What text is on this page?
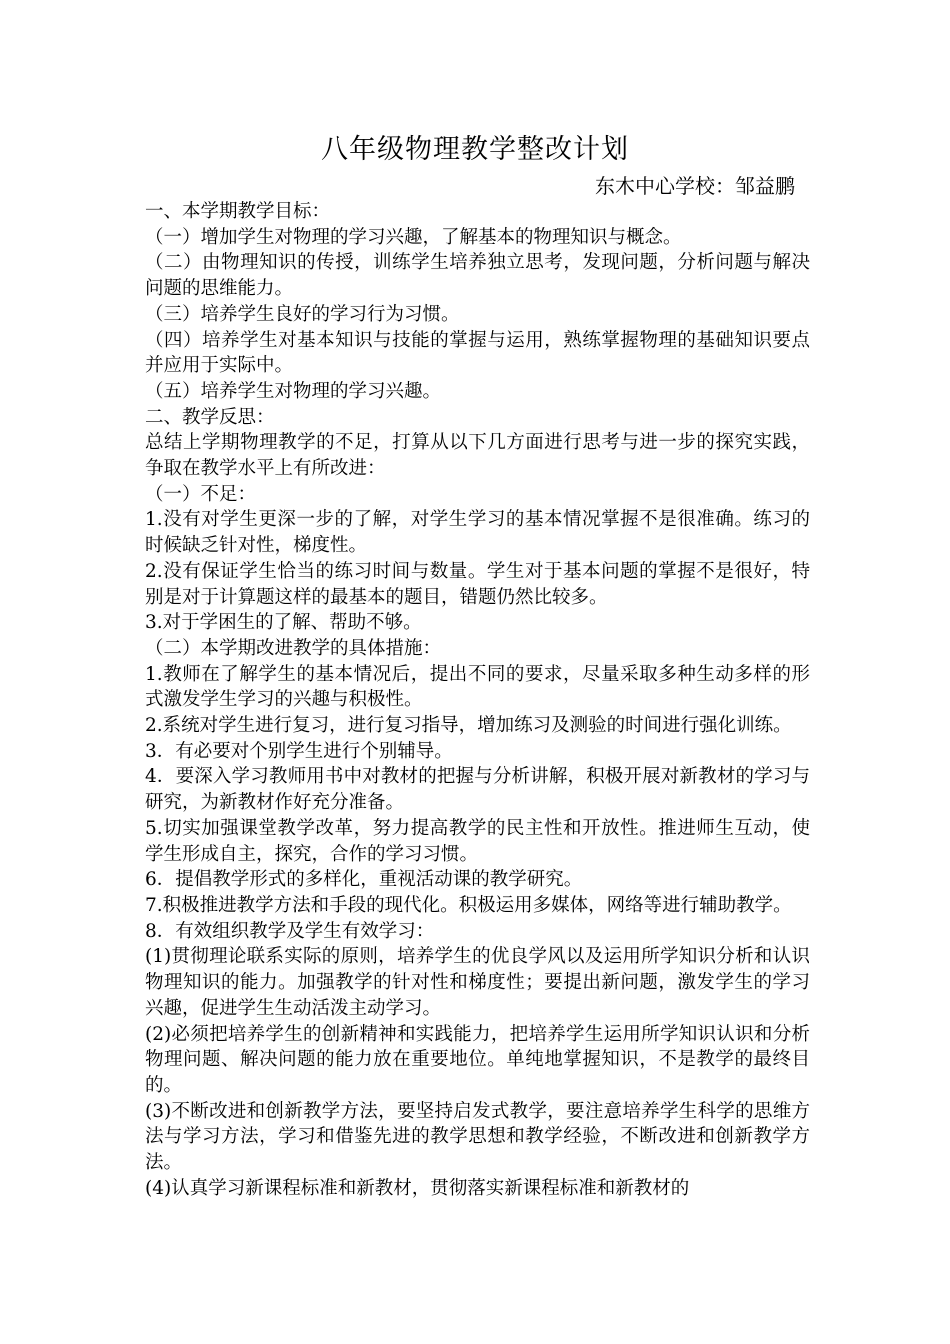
八年级物理教学整改计划
东木中心学校：邹益鹏

一、本学期教学目标：

（一）增加学生对物理的学习兴趣，了解基本的物理知识与概念。

（二）由物理知识的传授，训练学生培养独立思考，发现问题，分析问题与解决问题的思维能力。

（三）培养学生良好的学习行为习惯。

（四）培养学生对基本知识与技能的掌握与运用，熟练掌握物理的基础知识要点并应用于实际中。

（五）培养学生对物理的学习兴趣。

二、教学反思：

总结上学期物理教学的不足，打算从以下几方面进行思考与进一步的探究实践，争取在教学水平上有所改进：

（一）不足：

1.没有对学生更深一步的了解，对学生学习的基本情况掌握不是很准确。练习的时候缺乏针对性，梯度性。

2.没有保证学生恰当的练习时间与数量。学生对于基本问题的掌握不是很好，特别是对于计算题这样的最基本的题目，错题仍然比较多。

3.对于学困生的了解、帮助不够。

（二）本学期改进教学的具体措施：

1.教师在了解学生的基本情况后，提出不同的要求，尽量采取多种生动多样的形式激发学生学习的兴趣与积极性。

2.系统对学生进行复习，进行复习指导，增加练习及测验的时间进行强化训练。

3．有必要对个别学生进行个别辅导。

4．要深入学习教师用书中对教材的把握与分析讲解，积极开展对新教材的学习与研究，为新教材作好充分准备。

5.切实加强课堂教学改革，努力提高教学的民主性和开放性。推进师生互动，使学生形成自主，探究，合作的学习习惯。

6．提倡教学形式的多样化，重视活动课的教学研究。

7.积极推进教学方法和手段的现代化。积极运用多媒体，网络等进行辅助教学。

8．有效组织教学及学生有效学习：

(1)贯彻理论联系实际的原则，培养学生的优良学风以及运用所学知识分析和认识物理知识的能力。加强教学的针对性和梯度性；要提出新问题，激发学生的学习兴趣，促进学生生动活泼主动学习。

(2)必须把培养学生的创新精神和实践能力，把培养学生运用所学知识认识和分析物理问题、解决问题的能力放在重要地位。单纯地掌握知识，不是教学的最终目的。

(3)不断改进和创新教学方法，要坚持启发式教学，要注意培养学生科学的思维方法与学习方法，学习和借鉴先进的教学思想和教学经验，不断改进和创新教学方法。

(4)认真学习新课程标准和新教材，贯彻落实新课程标准和新教材的
